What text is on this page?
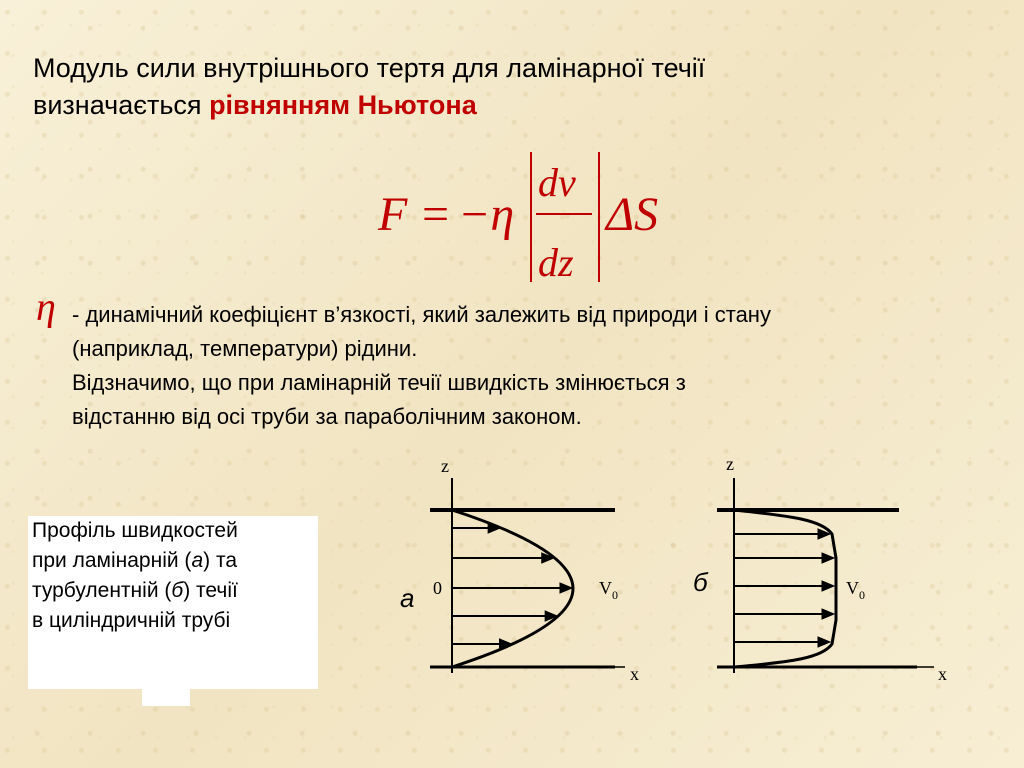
Модуль сили внутрішнього тертя для ламінарної течії
визначається рівнянням Ньютона
F = −η
dv
dz
ΔS
η - динамічний коефіцієнт в’язкості, який залежить від природи і стану
(наприклад, температури) рідини.
Відзначимо, що при ламінарній течії швидкість змінюється з
відстанню від осі труби за параболічним законом.
Профіль швидкостей
при ламінарній (а) та
турбулентній (б) течії
в циліндричній трубі
а
б
z
x
0	$V_0$
z
x
$V_0$
